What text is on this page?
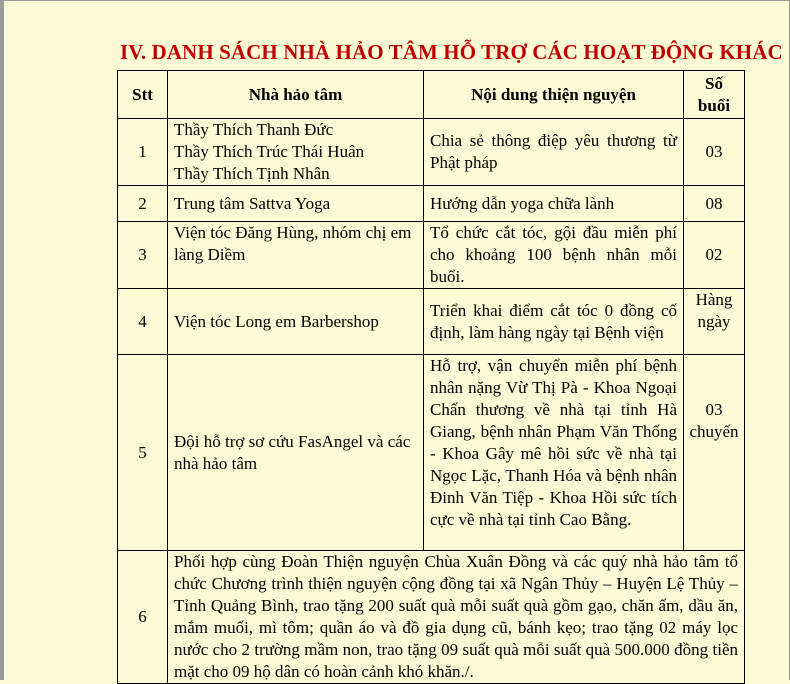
IV. DANH SÁCH NHÀ HẢO TÂM HỖ TRỢ CÁC HOẠT ĐỘNG KHÁC
Stt	Nhà hảo tâm	Nội dung thiện nguyện	Số
buổi

1	Thầy Thích Thanh Đức
Thầy Thích Trúc Thái Huân
Thầy Thích Tịnh Nhân	Chia sẻ thông điệp yêu thương từ Phật pháp	03
2	Trung tâm Sattva Yoga	Hướng dẫn yoga chữa lành	08
3	Viện tóc Đăng Hùng, nhóm chị em làng Diềm	Tổ chức cắt tóc, gội đầu miễn phí cho khoảng 100 bệnh nhân mỗi buổi.	02
4	Viện tóc Long em Barbershop	Triển khai điểm cắt tóc 0 đồng cố định, làm hàng ngày tại Bệnh viện	Hàng ngày
5	Đội hỗ trợ sơ cứu FasAngel và các nhà hảo tâm	Hỗ trợ, vận chuyển miễn phí bệnh nhân nặng Vừ Thị Pà - Khoa Ngoại Chấn thương về nhà tại tỉnh Hà Giang, bệnh nhân Phạm Văn Thống - Khoa Gây mê hồi sức về nhà tại Ngọc Lặc, Thanh Hóa và bệnh nhân Đinh Văn Tiệp - Khoa Hồi sức tích cực về nhà tại tỉnh Cao Bằng.	03 chuyến
6	Phối hợp cùng Đoàn Thiện nguyện Chùa Xuân Đồng và các quý nhà hảo tâm tổ chức Chương trình thiện nguyện cộng đồng tại xã Ngân Thủy – Huyện Lệ Thủy – Tỉnh Quảng Bình, trao tặng 200 suất quà mỗi suất quà gồm gạo, chăn ấm, dầu ăn, mắm muối, mì tôm; quần áo và đồ gia dụng cũ, bánh kẹo; trao tặng 02 máy lọc nước cho 2 trường mầm non, trao tặng 09 suất quà mỗi suất quà 500.000 đồng tiền mặt cho 09 hộ dân có hoàn cảnh khó khăn./.		
